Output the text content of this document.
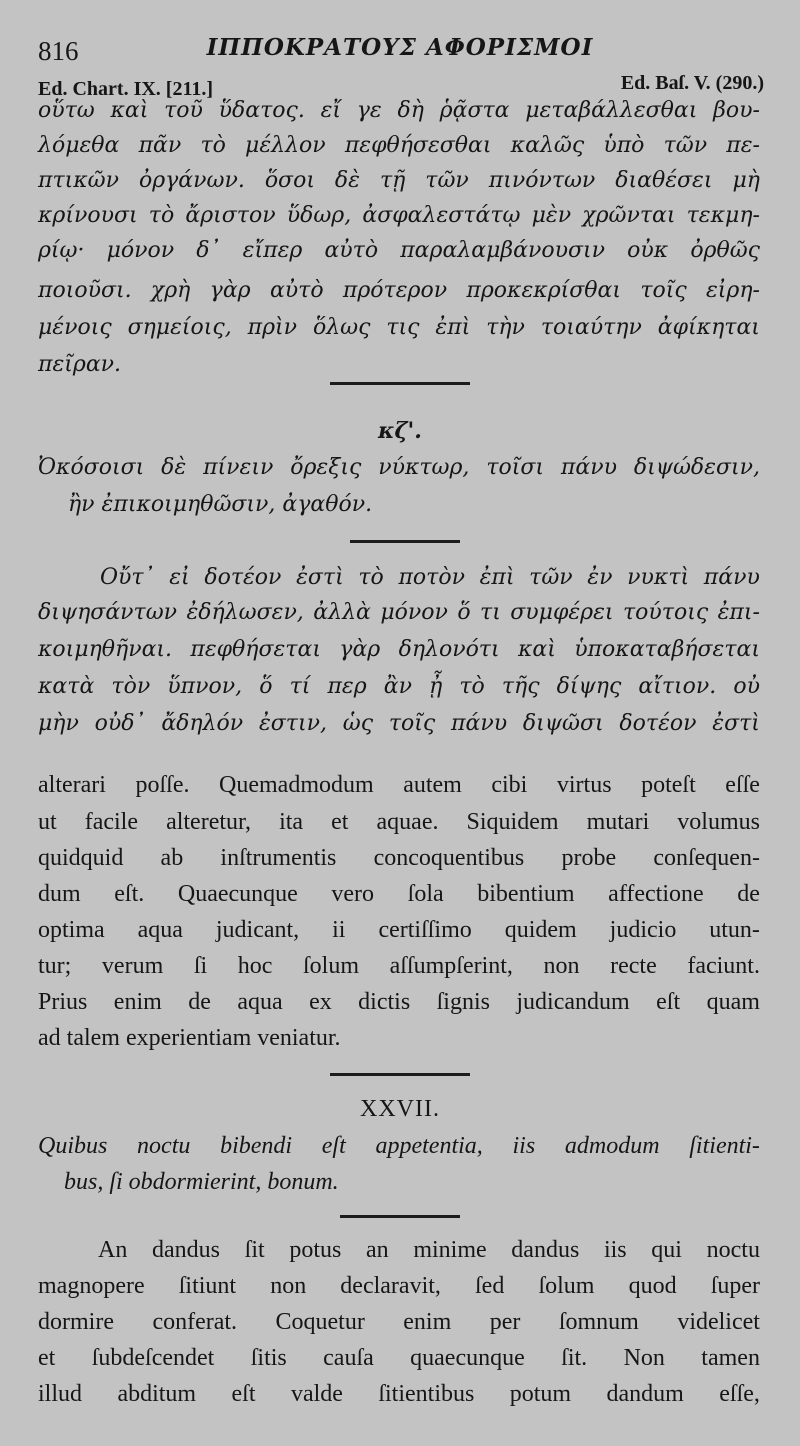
816	ΙΠΠΟΚΡΑΤΟΥΣ ΑΦΟΡΙΣΜΟΙ
Ed. Chart. IX. [211.]	Ed. Baſ. V. (290.)
οὕτω καὶ τοῦ ὕδατος. εἴ γε δὴ ῥᾷστα μεταβάλλεσθαι βου-
λόμεθα πᾶν τὸ μέλλον πεφθήσεσθαι καλῶς ὑπὸ τῶν πε-
πτικῶν ὀργάνων. ὅσοι δὲ τῇ τῶν πινόντων διαθέσει μὴ
κρίνουσι τὸ ἄριστον ὕδωρ, ἀσφαλεστάτῳ μὲν χρῶνται τεκμη-
ρίῳ· μόνον δ᾽ εἴπερ αὐτὸ παραλαμβάνουσιν οὐκ ὀρθῶς
ποιοῦσι. χρὴ γὰρ αὐτὸ πρότερον προκεκρίσθαι τοῖς εἰρη-
μένοις σημείοις, πρὶν ὅλως τις ἐπὶ τὴν τοιαύτην ἀφίκηται
πεῖραν.
κζ'.
Ὀκόσοισι δὲ πίνειν ὄρεξις νύκτωρ, τοῖσι πάνυ διψώδεσιν,
ἢν ἐπικοιμηθῶσιν, ἀγαθόν.
Οὔτ᾽ εἰ δοτέον ἐστὶ τὸ ποτὸν ἐπὶ τῶν ἐν νυκτὶ πάνυ
διψησάντων ἐδήλωσεν, ἀλλὰ μόνον ὅ τι συμφέρει τούτοις ἐπι-
κοιμηθῆναι. πεφθήσεται γὰρ δηλονότι καὶ ὑποκαταβήσεται
κατὰ τὸν ὕπνον, ὅ τί περ ἂν ᾖ τὸ τῆς δίψης αἴτιον. οὐ
μὴν οὐδ᾽ ἄδηλόν ἐστιν, ὡς τοῖς πάνυ διψῶσι δοτέον ἐστὶ
alterari poſſe. Quemadmodum autem cibi virtus poteſt eſſe
ut facile alteretur, ita et aquae. Siquidem mutari volumus
quidquid ab inſtrumentis concoquentibus probe conſequen-
dum eſt. Quaecunque vero ſola bibentium affectione de
optima aqua judicant, ii certiſſimo quidem judicio utun-
tur; verum ſi hoc ſolum aſſumpſerint, non recte faciunt.
Prius enim de aqua ex dictis ſignis judicandum eſt quam
ad talem experientiam veniatur.
XXVII.
Quibus noctu bibendi eſt appetentia, iis admodum ſitienti-
bus, ſi obdormierint, bonum.
An dandus ſit potus an minime dandus iis qui noctu
magnopere ſitiunt non declaravit, ſed ſolum quod ſuper
dormire conferat. Coquetur enim per ſomnum videlicet
et ſubdeſcendet ſitis cauſa quaecunque ſit. Non tamen
illud abditum eſt valde ſitientibus potum dandum eſſe,
